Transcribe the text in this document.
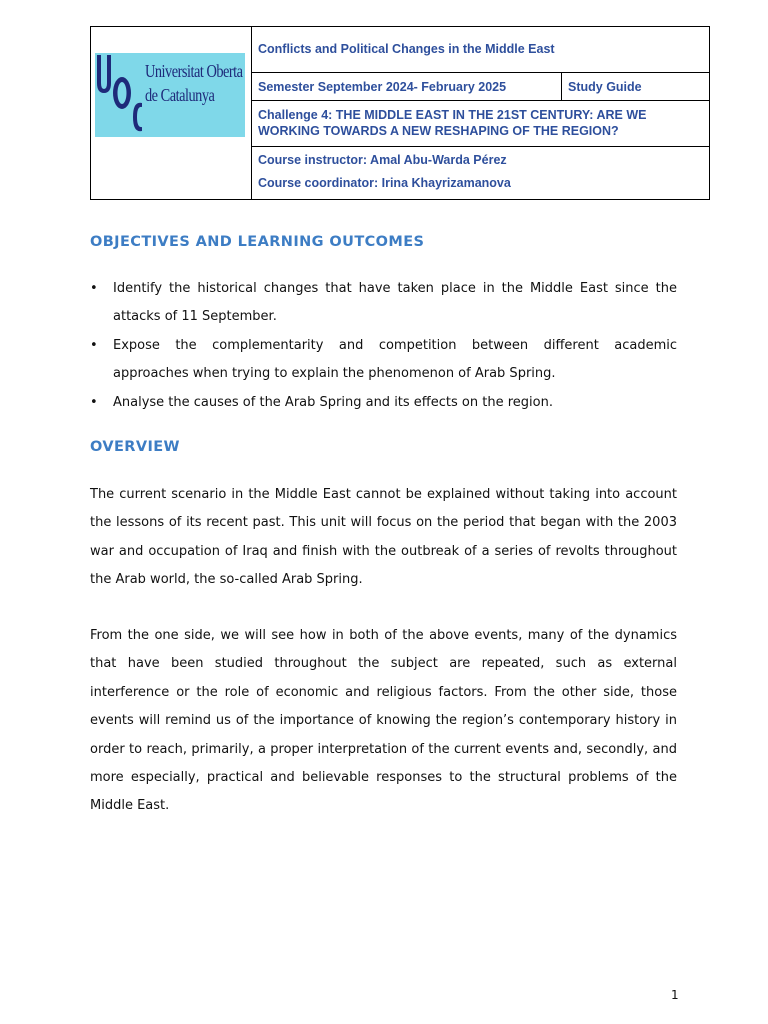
Universitat Oberta
de Catalunya
Conflicts and Political Changes in the Middle East
Semester September 2024- February 2025	Study Guide
Challenge 4: THE MIDDLE EAST IN THE 21ST CENTURY: ARE WE WORKING TOWARDS A NEW RESHAPING OF THE REGION?
Course instructor: Amal Abu-Warda Pérez
Course coordinator: Irina Khayrizamanova
OBJECTIVES AND LEARNING OUTCOMES
• Identify the historical changes that have taken place in the Middle East since the attacks of 11 September.
• Expose the complementarity and competition between different academic approaches when trying to explain the phenomenon of Arab Spring.
• Analyse the causes of the Arab Spring and its effects on the region.
OVERVIEW
The current scenario in the Middle East cannot be explained without taking into account the lessons of its recent past. This unit will focus on the period that began with the 2003 war and occupation of Iraq and finish with the outbreak of a series of revolts throughout the Arab world, the so-called Arab Spring.
From the one side, we will see how in both of the above events, many of the dynamics that have been studied throughout the subject are repeated, such as external interference or the role of economic and religious factors. From the other side, those events will remind us of the importance of knowing the region’s contemporary history in order to reach, primarily, a proper interpretation of the current events and, secondly, and more especially, practical and believable responses to the structural problems of the Middle East.
1
